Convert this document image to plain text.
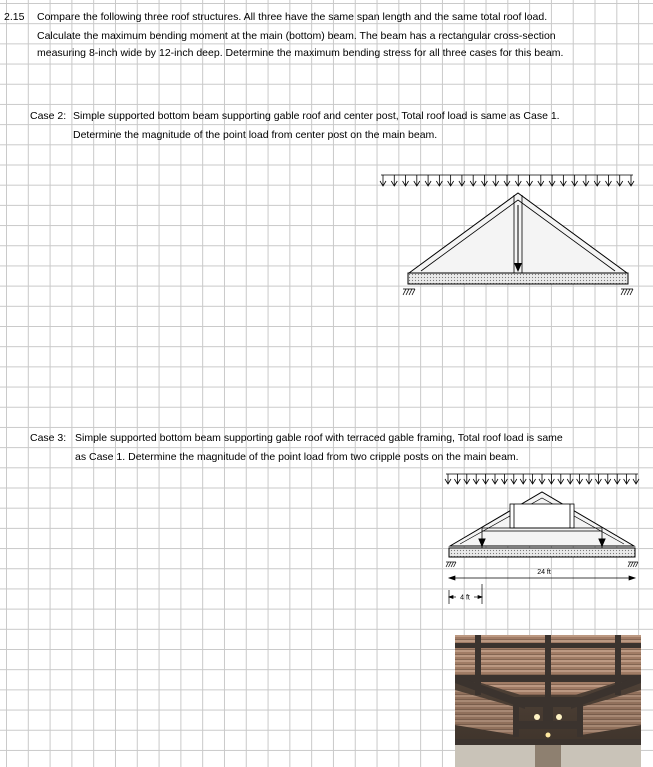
2.15 Compare the following three roof structures. All three have the same span length and the same total roof load.
Calculate the maximum bending moment at the main (bottom) beam. The beam has a rectangular cross-section
measuring 8-inch wide by 12-inch deep. Determine the maximum bending stress for all three cases for this beam.
Case 2: Simple supported bottom beam supporting gable roof and center post, Total roof load is same as Case 1.
Determine the magnitude of the point load from center post on the main beam.
Case 3: Simple supported bottom beam supporting gable roof with terraced gable framing, Total roof load is same
as Case 1. Determine the magnitude of the point load from two cripple posts on the main beam.
24 ft
4 ft
